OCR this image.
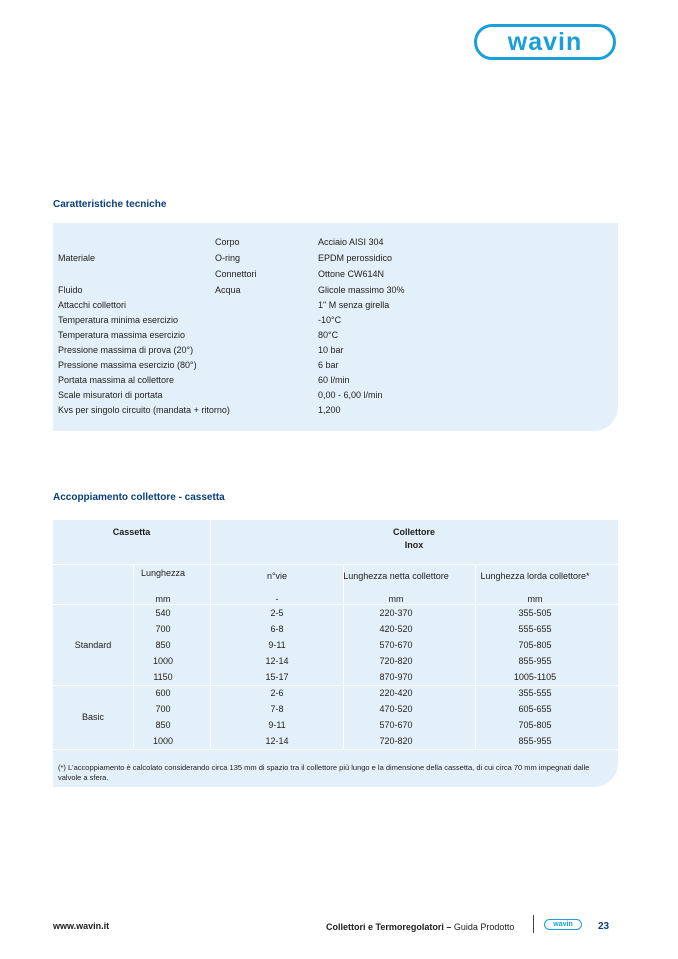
wavin
Caratteristiche tecniche
Corpo	Acciaio AISI 304
Materiale	O-ring	EPDM perossidico
Connettori	Ottone CW614N
Fluido	Acqua	Glicole massimo 30%
Attacchi collettori	1" M senza girella
Temperatura minima esercizio	-10°C
Temperatura massima esercizio	80°C
Pressione massima di prova (20°)	10 bar
Pressione massima esercizio (80°)	6 bar
Portata massima al collettore	60 l/min
Scale misuratori di portata	0,00 - 6,00 l/min
Kvs per singolo circuito (mandata + ritorno)	1,200
Accoppiamento collettore - cassetta
Cassetta	Collettore
Inox
(*) L'accoppiamento è calcolato considerando circa 135 mm di spazio tra il collettore più lungo e la dimensione della cassetta, di cui circa 70 mm impegnati dalle valvole a sfera.
Lunghezza	n°vie	Lunghezza netta collettore	Lunghezza lorda collettore*
mm	-	mm	mm
Standard
540	2-5	220-370	355-505
700	6-8	420-520	555-655
850	9-11	570-670	705-805
1000	12-14	720-820	855-955
1150	15-17	870-970	1005-1105
Basic
600	2-6	220-420	355-555
700	7-8	470-520	605-655
850	9-11	570-670	705-805
1000	12-14	720-820	855-955
www.wavin.it	Collettori e Termoregolatori – Guida Prodotto	wavin	23
